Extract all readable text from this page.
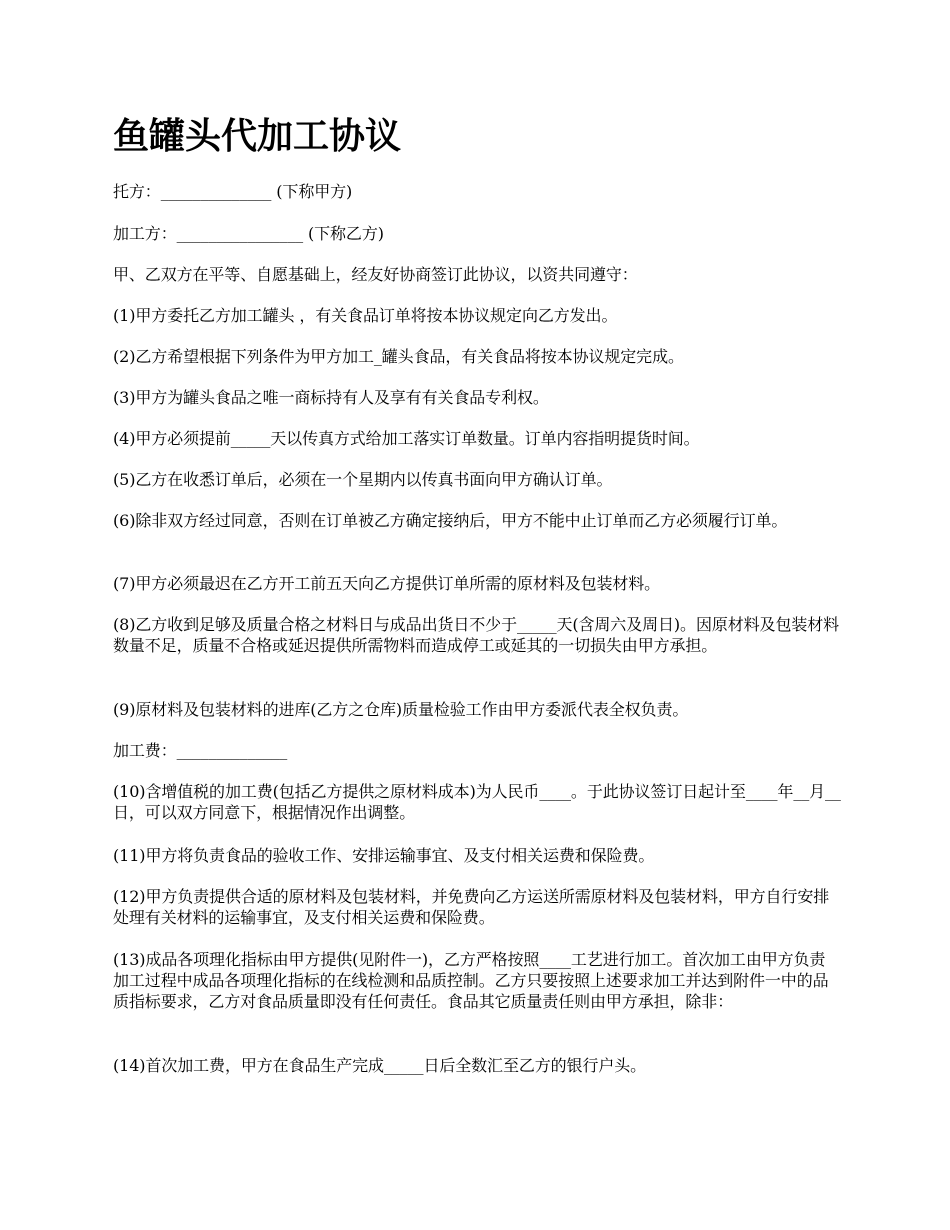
鱼罐头代加工协议

托方：______________ (下称甲方)

加工方：________________ (下称乙方)

甲、乙双方在平等、自愿基础上，经友好协商签订此协议，以资共同遵守：

(1)甲方委托乙方加工罐头 ，有关食品订单将按本协议规定向乙方发出。

(2)乙方希望根据下列条件为甲方加工_罐头食品，有关食品将按本协议规定完成。

(3)甲方为罐头食品之唯一商标持有人及享有有关食品专利权。

(4)甲方必须提前_____天以传真方式给加工落实订单数量。订单内容指明提货时间。

(5)乙方在收悉订单后，必须在一个星期内以传真书面向甲方确认订单。

(6)除非双方经过同意，否则在订单被乙方确定接纳后，甲方不能中止订单而乙方必须履行订单。

(7)甲方必须最迟在乙方开工前五天向乙方提供订单所需的原材料及包装材料。

(8)乙方收到足够及质量合格之材料日与成品出货日不少于_____天(含周六及周日)。因原材料及包装材料数量不足，质量不合格或延迟提供所需物料而造成停工或延其的一切损失由甲方承担。

(9)原材料及包装材料的进库(乙方之仓库)质量检验工作由甲方委派代表全权负责。

加工费：______________

(10)含增值税的加工费(包括乙方提供之原材料成本)为人民币____。于此协议签订日起计至____年__月__日，可以双方同意下，根据情况作出调整。

(11)甲方将负责食品的验收工作、安排运输事宜、及支付相关运费和保险费。

(12)甲方负责提供合适的原材料及包装材料，并免费向乙方运送所需原材料及包装材料，甲方自行安排处理有关材料的运输事宜，及支付相关运费和保险费。

(13)成品各项理化指标由甲方提供(见附件一)，乙方严格按照____工艺进行加工。首次加工由甲方负责加工过程中成品各项理化指标的在线检测和品质控制。乙方只要按照上述要求加工并达到附件一中的品质指标要求，乙方对食品质量即没有任何责任。食品其它质量责任则由甲方承担，除非：

(14)首次加工费，甲方在食品生产完成_____日后全数汇至乙方的银行户头。
